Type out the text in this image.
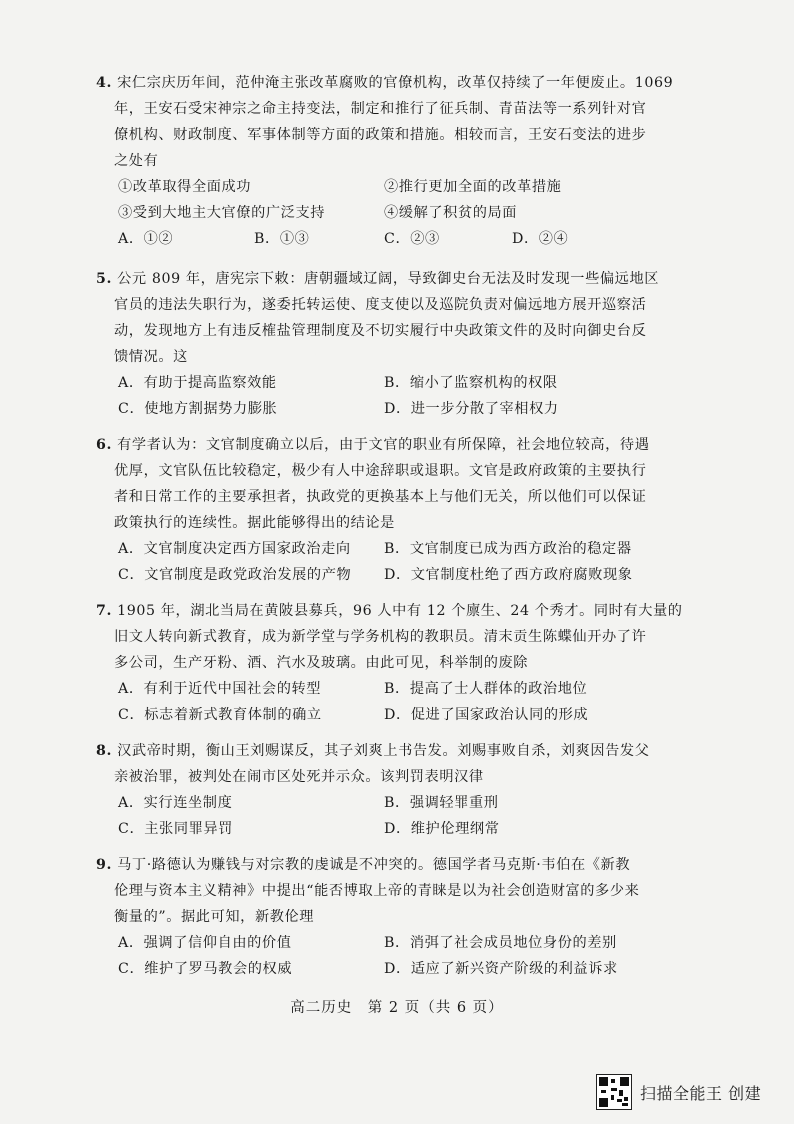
4. 宋仁宗庆历年间，范仲淹主张改革腐败的官僚机构，改革仅持续了一年便废止。1069
年，王安石受宋神宗之命主持变法，制定和推行了征兵制、青苗法等一系列针对官
僚机构、财政制度、军事体制等方面的政策和措施。相较而言，王安石变法的进步
之处有
①改革取得全面成功	②推行更加全面的改革措施
③受到大地主大官僚的广泛支持	④缓解了积贫的局面
A．①②	B．①③	C．②③	D．②④
5. 公元 809 年，唐宪宗下敕：唐朝疆域辽阔，导致御史台无法及时发现一些偏远地区
官员的违法失职行为，遂委托转运使、度支使以及巡院负责对偏远地方展开巡察活
动，发现地方上有违反榷盐管理制度及不切实履行中央政策文件的及时向御史台反
馈情况。这
A．有助于提高监察效能	B．缩小了监察机构的权限
C．使地方割据势力膨胀	D．进一步分散了宰相权力
6. 有学者认为：文官制度确立以后，由于文官的职业有所保障，社会地位较高，待遇
优厚，文官队伍比较稳定，极少有人中途辞职或退职。文官是政府政策的主要执行
者和日常工作的主要承担者，执政党的更换基本上与他们无关，所以他们可以保证
政策执行的连续性。据此能够得出的结论是
A．文官制度决定西方国家政治走向 B．文官制度已成为西方政治的稳定器
C．文官制度是政党政治发展的产物 D．文官制度杜绝了西方政府腐败现象
7. 1905 年，湖北当局在黄陂县募兵，96 人中有 12 个廪生、24 个秀才。同时有大量的
旧文人转向新式教育，成为新学堂与学务机构的教职员。清末贡生陈蝶仙开办了许
多公司，生产牙粉、酒、汽水及玻璃。由此可见，科举制的废除
A．有利于近代中国社会的转型	B．提高了士人群体的政治地位
C．标志着新式教育体制的确立	D．促进了国家政治认同的形成
8. 汉武帝时期，衡山王刘赐谋反，其子刘爽上书告发。刘赐事败自杀，刘爽因告发父
亲被治罪，被判处在闹市区处死并示众。该判罚表明汉律
A．实行连坐制度	B．强调轻罪重刑
C．主张同罪异罚	D．维护伦理纲常
9. 马丁·路德认为赚钱与对宗教的虔诚是不冲突的。德国学者马克斯·韦伯在《新教
伦理与资本主义精神》中提出“能否博取上帝的青睐是以为社会创造财富的多少来
衡量的”。据此可知，新教伦理
A．强调了信仰自由的价值	B．消弭了社会成员地位身份的差别
C．维护了罗马教会的权威	D．适应了新兴资产阶级的利益诉求
高二历史　第 2 页（共 6 页）
扫描全能王 创建
